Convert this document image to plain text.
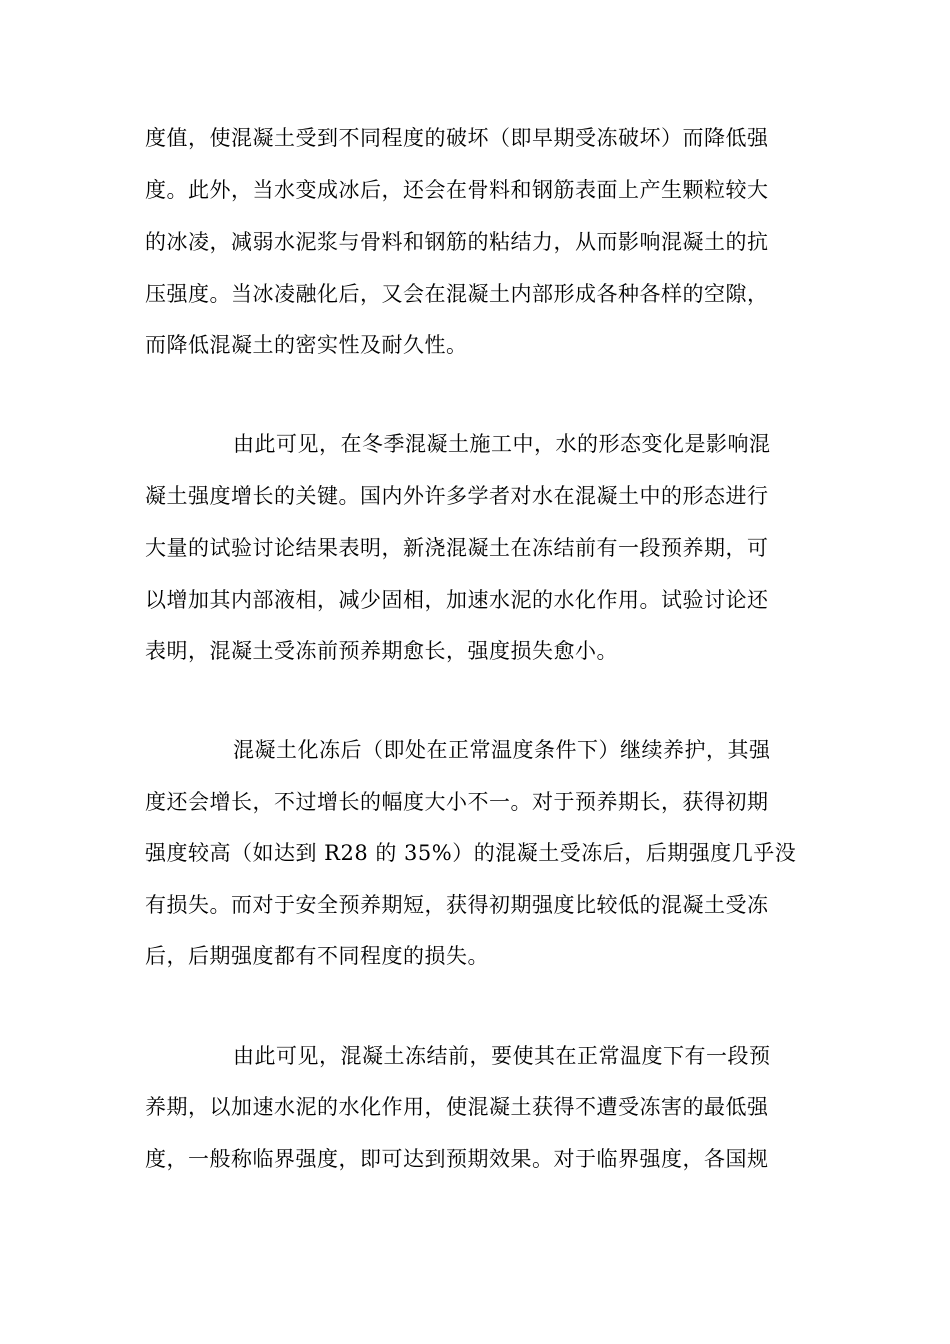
度值，使混凝土受到不同程度的破坏（即早期受冻破坏）而降低强
度。此外，当水变成冰后，还会在骨料和钢筋表面上产生颗粒较大
的冰凌，减弱水泥浆与骨料和钢筋的粘结力，从而影响混凝土的抗
压强度。当冰凌融化后，又会在混凝土内部形成各种各样的空隙，
而降低混凝土的密实性及耐久性。
由此可见，在冬季混凝土施工中，水的形态变化是影响混
凝土强度增长的关键。国内外许多学者对水在混凝土中的形态进行
大量的试验讨论结果表明，新浇混凝土在冻结前有一段预养期，可
以增加其内部液相，减少固相，加速水泥的水化作用。试验讨论还
表明，混凝土受冻前预养期愈长，强度损失愈小。
混凝土化冻后（即处在正常温度条件下）继续养护，其强
度还会增长，不过增长的幅度大小不一。对于预养期长，获得初期
强度较高（如达到 R28 的 35%）的混凝土受冻后，后期强度几乎没
有损失。而对于安全预养期短，获得初期强度比较低的混凝土受冻
后，后期强度都有不同程度的损失。
由此可见，混凝土冻结前，要使其在正常温度下有一段预
养期，以加速水泥的水化作用，使混凝土获得不遭受冻害的最低强
度，一般称临界强度，即可达到预期效果。对于临界强度，各国规
